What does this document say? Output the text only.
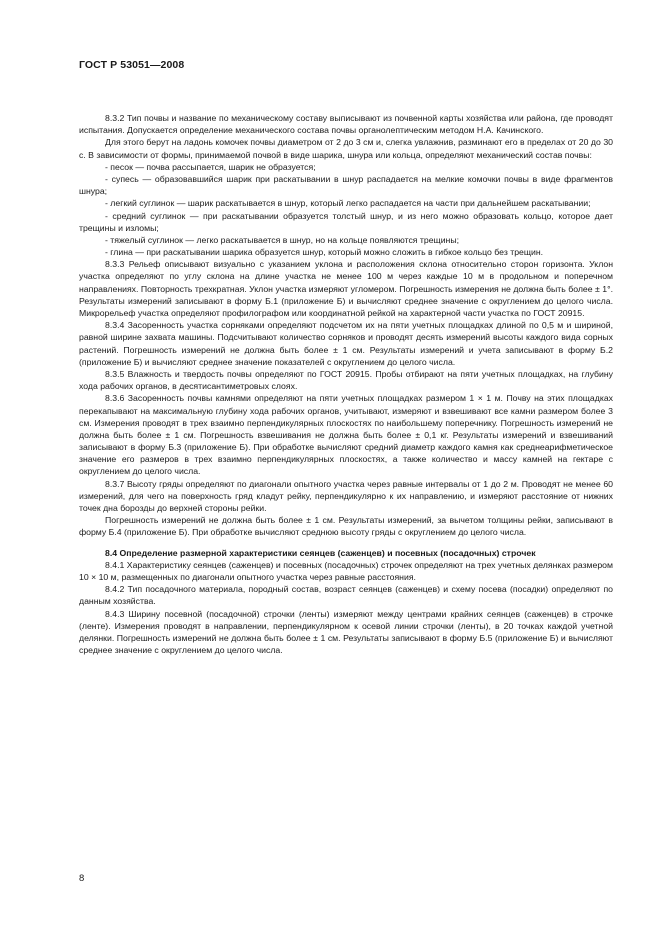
ГОСТ Р 53051—2008

8.3.2 Тип почвы и название по механическому составу выписывают из почвенной карты хозяйства или района, где проводят испытания. Допускается определение механического состава почвы органолептическим методом Н.А. Качинского.

Для этого берут на ладонь комочек почвы диаметром от 2 до 3 см и, слегка увлажнив, разминают его в пределах от 20 до 30 с. В зависимости от формы, принимаемой почвой в виде шарика, шнура или кольца, определяют механический состав почвы:

- песок — почва рассыпается, шарик не образуется;

- супесь — образовавшийся шарик при раскатывании в шнур распадается на мелкие комочки почвы в виде фрагментов шнура;

- легкий суглинок — шарик раскатывается в шнур, который легко распадается на части при дальнейшем раскатывании;

- средний суглинок — при раскатывании образуется толстый шнур, и из него можно образовать кольцо, которое дает трещины и изломы;

- тяжелый суглинок — легко раскатывается в шнур, но на кольце появляются трещины;

- глина — при раскатывании шарика образуется шнур, который можно сложить в гибкое кольцо без трещин.

8.3.3 Рельеф описывают визуально с указанием уклона и расположения склона относительно сторон горизонта. Уклон участка определяют по углу склона на длине участка не менее 100 м через каждые 10 м в продольном и поперечном направлениях. Повторность трехкратная. Уклон участка измеряют угломером. Погрешность измерения не должна быть более ± 1°. Результаты измерений записывают в форму Б.1 (приложение Б) и вычисляют среднее значение с округлением до целого числа. Микрорельеф участка определяют профилографом или координатной рейкой на характерной части участка по ГОСТ 20915.

8.3.4 Засоренность участка сорняками определяют подсчетом их на пяти учетных площадках длиной по 0,5 м и шириной, равной ширине захвата машины. Подсчитывают количество сорняков и проводят десять измерений высоты каждого вида сорных растений. Погрешность измерений не должна быть более ± 1 см. Результаты измерений и учета записывают в форму Б.2 (приложение Б) и вычисляют среднее значение показателей с округлением до целого числа.

8.3.5 Влажность и твердость почвы определяют по ГОСТ 20915. Пробы отбирают на пяти учетных площадках, на глубину хода рабочих органов, в десятисантиметровых слоях.

8.3.6 Засоренность почвы камнями определяют на пяти учетных площадках размером 1 × 1 м. Почву на этих площадках перекапывают на максимальную глубину хода рабочих органов, учитывают, измеряют и взвешивают все камни размером более 3 см. Измерения проводят в трех взаимно перпендикулярных плоскостях по наибольшему поперечнику. Погрешность измерений не должна быть более ± 1 см. Погрешность взвешивания не должна быть более ± 0,1 кг. Результаты измерений и взвешиваний записывают в форму Б.3 (приложение Б). При обработке вычисляют средний диаметр каждого камня как среднеарифметическое значение его размеров в трех взаимно перпендикулярных плоскостях, а также количество и массу камней на гектаре с округлением до целого числа.

8.3.7 Высоту гряды определяют по диагонали опытного участка через равные интервалы от 1 до 2 м. Проводят не менее 60 измерений, для чего на поверхность гряд кладут рейку, перпендикулярно к их направлению, и измеряют расстояние от нижних точек дна борозды до верхней стороны рейки.

Погрешность измерений не должна быть более ± 1 см. Результаты измерений, за вычетом толщины рейки, записывают в форму Б.4 (приложение Б). При обработке вычисляют среднюю высоту гряды с округлением до целого числа.

8.4 Определение размерной характеристики сеянцев (саженцев) и посевных (посадочных) строчек

8.4.1 Характеристику сеянцев (саженцев) и посевных (посадочных) строчек определяют на трех учетных делянках размером 10 × 10 м, размещенных по диагонали опытного участка через равные расстояния.

8.4.2 Тип посадочного материала, породный состав, возраст сеянцев (саженцев) и схему посева (посадки) определяют по данным хозяйства.

8.4.3 Ширину посевной (посадочной) строчки (ленты) измеряют между центрами крайних сеянцев (саженцев) в строчке (ленте). Измерения проводят в направлении, перпендикулярном к осевой линии строчки (ленты), в 20 точках каждой учетной делянки. Погрешность измерений не должна быть более ± 1 см. Результаты записывают в форму Б.5 (приложение Б) и вычисляют среднее значение с округлением до целого числа.

8
